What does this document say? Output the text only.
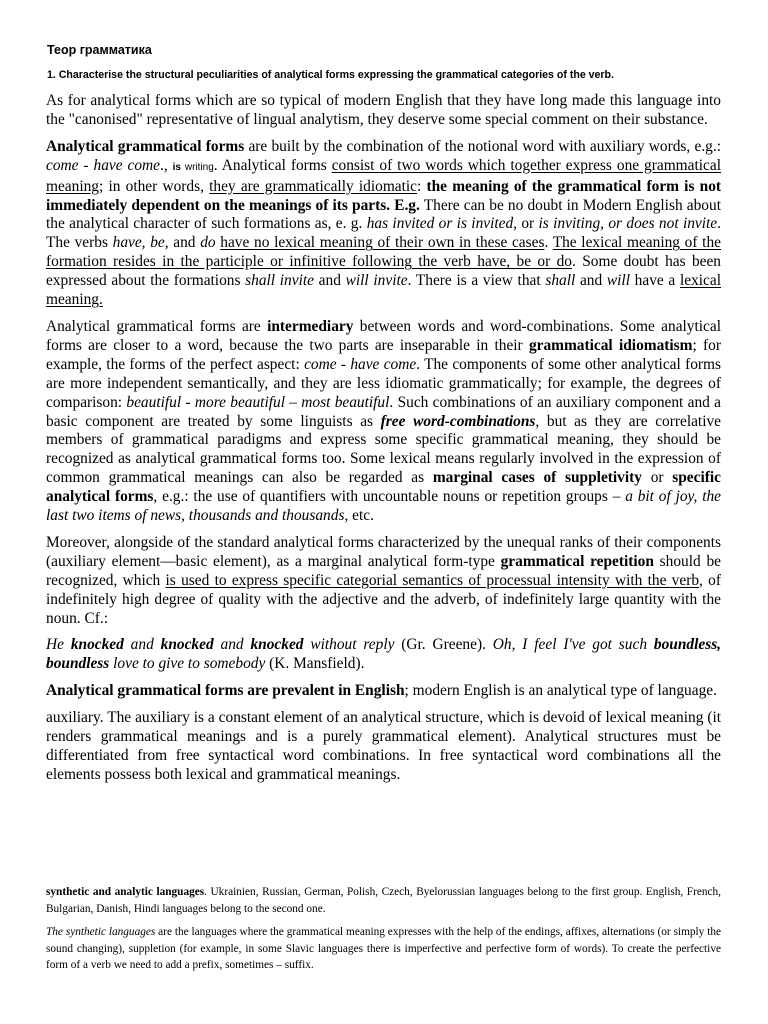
Теор грамматика
1. Characterise the structural peculiarities of analytical forms expressing the grammatical categories of the verb.

As for analytical forms which are so typical of modern English that they have long made this language into the "canonised" representative of lingual analytism, they deserve some special comment on their substance.

Analytical grammatical forms are built by the combination of the notional word with auxiliary words, e.g.: come - have come., is writing. Analytical forms consist of two words which together express one grammatical meaning; in other words, they are grammatically idiomatic: the meaning of the grammatical form is not immediately dependent on the meanings of its parts. E.g. There can be no doubt in Modern English about the analytical character of such formations as, e. g. has invited or is invited, or is inviting, or does not invite. The verbs have, be, and do have no lexical meaning of their own in these cases. The lexical meaning of the formation resides in the participle or infinitive following the verb have, be or do. Some doubt has been expressed about the formations shall invite and will invite. There is a view that shall and will have a lexical meaning.

Analytical grammatical forms are intermediary between words and word-combinations. Some analytical forms are closer to a word, because the two parts are inseparable in their grammatical idiomatism; for example, the forms of the perfect aspect: come - have come. The components of some other analytical forms are more independent semantically, and they are less idiomatic grammatically; for example, the degrees of comparison: beautiful - more beautiful – most beautiful. Such combinations of an auxiliary component and a basic component are treated by some linguists as free word-combinations, but as they are correlative members of grammatical paradigms and express some specific grammatical meaning, they should be recognized as analytical grammatical forms too. Some lexical means regularly involved in the expression of common grammatical meanings can also be regarded as marginal cases of suppletivity or specific analytical forms, e.g.: the use of quantifiers with uncountable nouns or repetition groups – a bit of joy, the last two items of news, thousands and thousands, etc.

Moreover, alongside of the standard analytical forms characterized by the unequal ranks of their components (auxiliary element—basic element), as a marginal analytical form-type grammatical repetition should be recognized, which is used to express specific categorial semantics of processual intensity with the verb, of indefinitely high degree of quality with the adjective and the adverb, of indefinitely large quantity with the noun. Cf.:

He knocked and knocked and knocked without reply (Gr. Greene). Oh, I feel I've got such boundless, boundless love to give to somebody (K. Mansfield).

Analytical grammatical forms are prevalent in English; modern English is an analytical type of language.

auxiliary. The auxiliary is a constant element of an analytical structure, which is devoid of lexical meaning (it renders grammatical meanings and is a purely grammatical element). Analytical structures must be differentiated from free syntactical word combinations. In free syntactical word combinations all the elements possess both lexical and grammatical meanings.

synthetic and analytic languages. Ukrainien, Russian, German, Polish, Czech, Byelorussian languages belong to the first group. English, French, Bulgarian, Danish, Hindi languages belong to the second one.

The synthetic languages are the languages where the grammatical meaning expresses with the help of the endings, affixes, alternations (or simply the sound changing), suppletion (for example, in some Slavic languages there is imperfective and perfective form of words). To create the perfective form of a verb we need to add a prefix, sometimes – suffix.
